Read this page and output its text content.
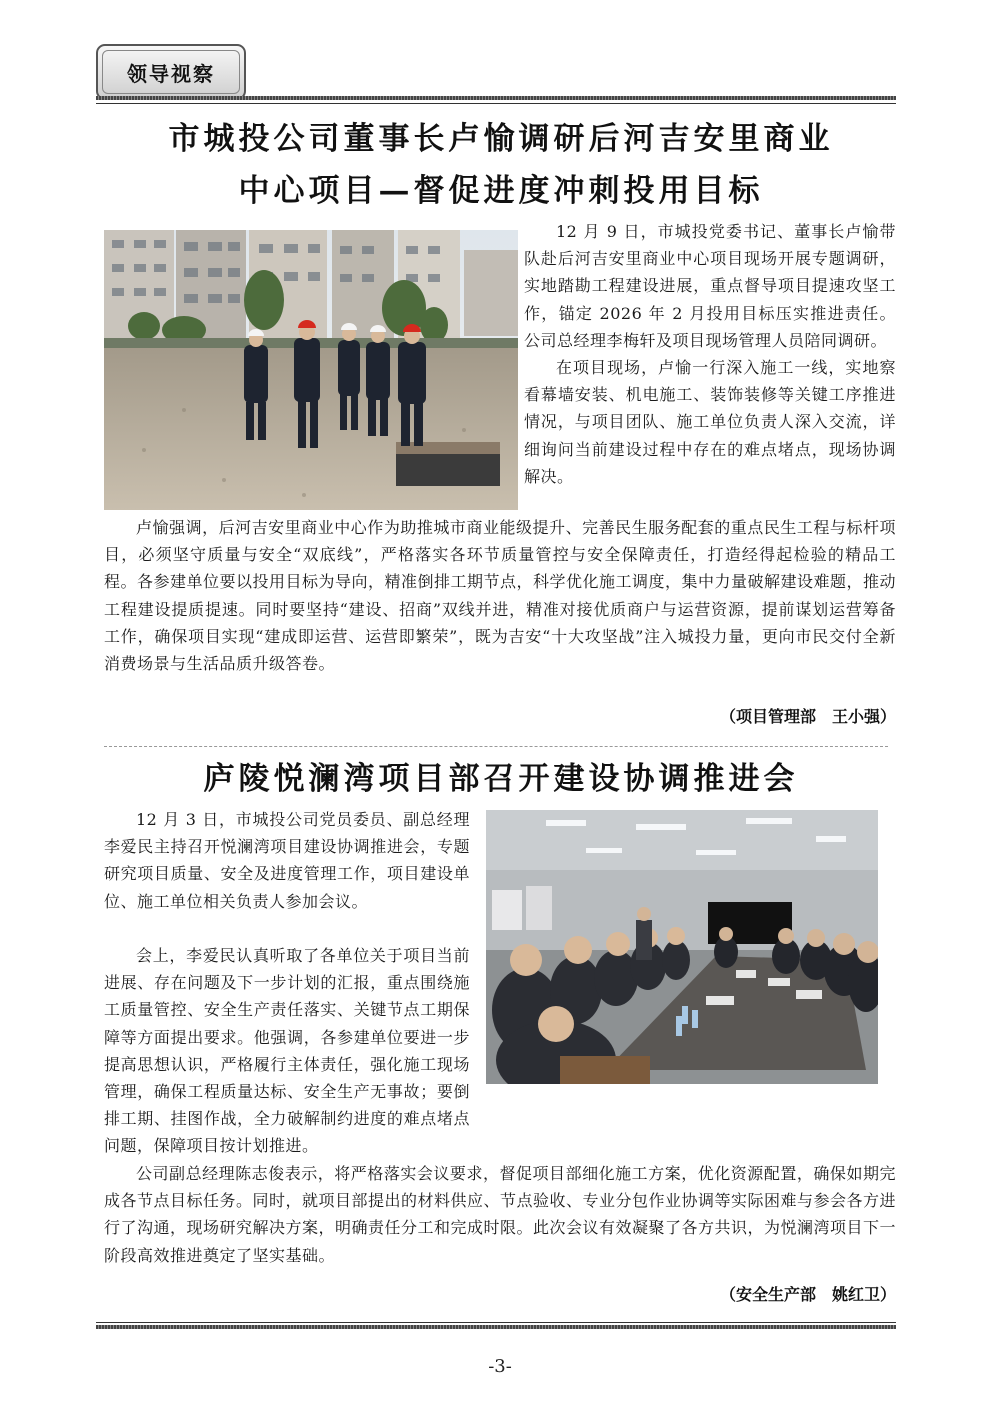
领导视察
市城投公司董事长卢愉调研后河吉安里商业
中心项目—督促进度冲刺投用目标

12 月 9 日，市城投党委书记、董事长卢愉带队赴后河吉安里商业中心项目现场开展专题调研，实地踏勘工程建设进展，重点督导项目提速攻坚工作，锚定 2026 年 2 月投用目标压实推进责任。公司总经理李梅轩及项目现场管理人员陪同调研。

在项目现场，卢愉一行深入施工一线，实地察看幕墙安装、机电施工、装饰装修等关键工序推进情况，与项目团队、施工单位负责人深入交流，详细询问当前建设过程中存在的难点堵点，现场协调解决。

卢愉强调，后河吉安里商业中心作为助推城市商业能级提升、完善民生服务配套的重点民生工程与标杆项目，必须坚守质量与安全“双底线”，严格落实各环节质量管控与安全保障责任，打造经得起检验的精品工程。各参建单位要以投用目标为导向，精准倒排工期节点，科学优化施工调度，集中力量破解建设难题，推动工程建设提质提速。同时要坚持“建设、招商”双线并进，精准对接优质商户与运营资源，提前谋划运营筹备工作，确保项目实现“建成即运营、运营即繁荣”，既为吉安“十大攻坚战”注入城投力量，更向市民交付全新消费场景与生活品质升级答卷。

（项目管理部　王小强）
庐陵悦澜湾项目部召开建设协调推进会

12 月 3 日，市城投公司党员委员、副总经理李爱民主持召开悦澜湾项目建设协调推进会，专题研究项目质量、安全及进度管理工作，项目建设单位、施工单位相关负责人参加会议。

会上，李爱民认真听取了各单位关于项目当前进展、存在问题及下一步计划的汇报，重点围绕施工质量管控、安全生产责任落实、关键节点工期保障等方面提出要求。他强调，各参建单位要进一步提高思想认识，严格履行主体责任，强化施工现场管理，确保工程质量达标、安全生产无事故；要倒排工期、挂图作战，全力破解制约进度的难点堵点问题，保障项目按计划推进。

公司副总经理陈志俊表示，将严格落实会议要求，督促项目部细化施工方案，优化资源配置，确保如期完成各节点目标任务。同时，就项目部提出的材料供应、节点验收、专业分包作业协调等实际困难与参会各方进行了沟通，现场研究解决方案，明确责任分工和完成时限。此次会议有效凝聚了各方共识，为悦澜湾项目下一阶段高效推进奠定了坚实基础。

（安全生产部　姚红卫）
-3-
